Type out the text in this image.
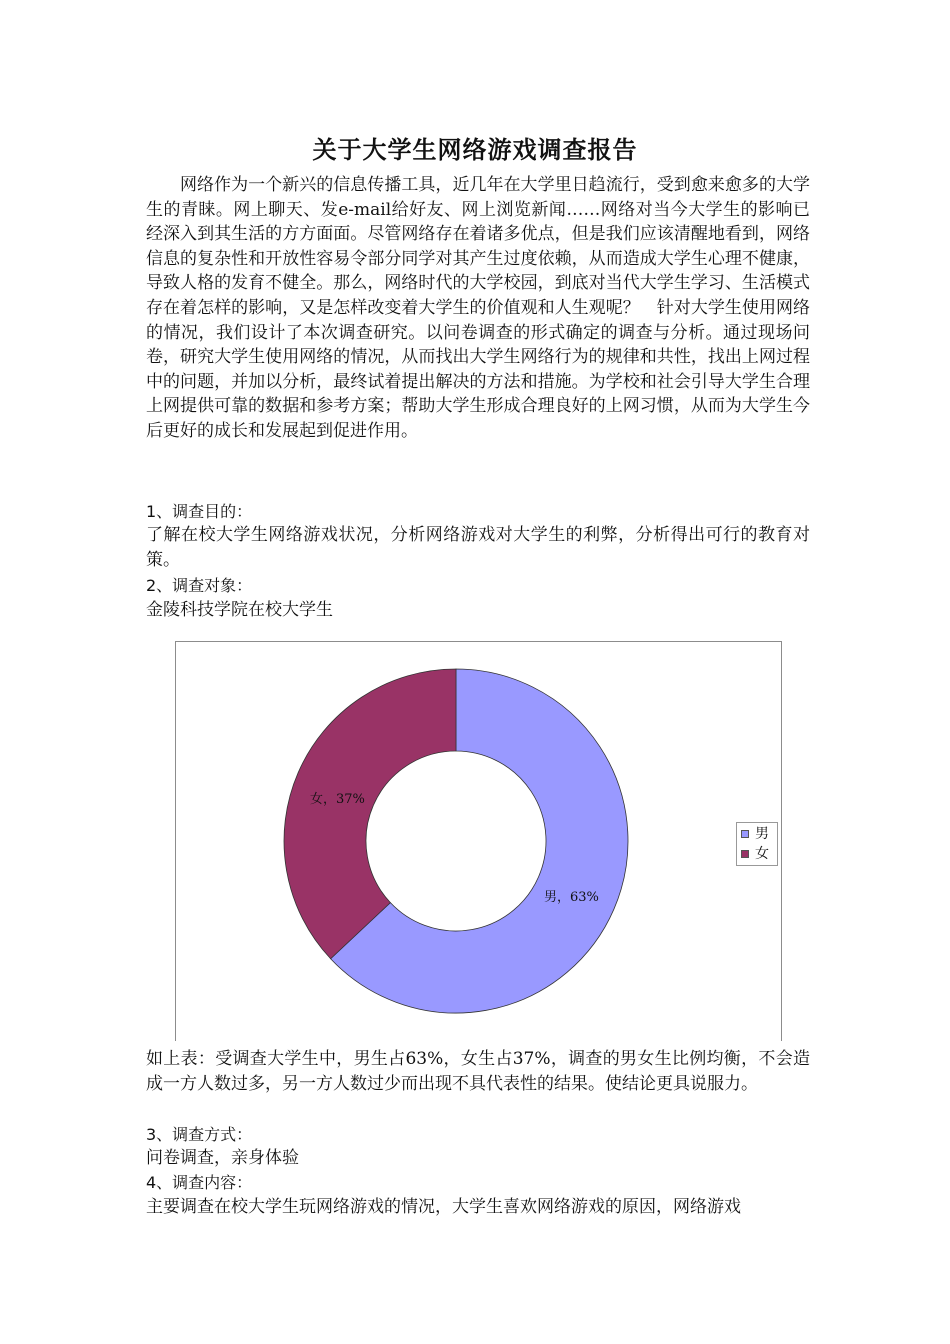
关于大学生网络游戏调查报告

网络作为一个新兴的信息传播工具，近几年在大学里日趋流行，受到愈来愈多的大学生的青睐。网上聊天、发e-mail给好友、网上浏览新闻……网络对当今大学生的影响已经深入到其生活的方方面面。尽管网络存在着诸多优点，但是我们应该清醒地看到，网络信息的复杂性和开放性容易令部分同学对其产生过度依赖，从而造成大学生心理不健康，导致人格的发育不健全。那么，网络时代的大学校园，到底对当代大学生学习、生活模式存在着怎样的影响，又是怎样改变着大学生的价值观和人生观呢？　针对大学生使用网络的情况，我们设计了本次调查研究。以问卷调查的形式确定的调查与分析。通过现场问卷，研究大学生使用网络的情况，从而找出大学生网络行为的规律和共性，找出上网过程中的问题，并加以分析，最终试着提出解决的方法和措施。为学校和社会引导大学生合理上网提供可靠的数据和参考方案；帮助大学生形成合理良好的上网习惯，从而为大学生今后更好的成长和发展起到促进作用。

1、调查目的：

了解在校大学生网络游戏状况，分析网络游戏对大学生的利弊，分析得出可行的教育对策。

2、调查对象：

金陵科技学院在校大学生

男，63%
女，37%
男
女

如上表：受调查大学生中，男生占63%，女生占37%，调查的男女生比例均衡，不会造成一方人数过多，另一方人数过少而出现不具代表性的结果。使结论更具说服力。

3、调查方式：

问卷调查，亲身体验

4、调查内容：

主要调查在校大学生玩网络游戏的情况，大学生喜欢网络游戏的原因，网络游戏
